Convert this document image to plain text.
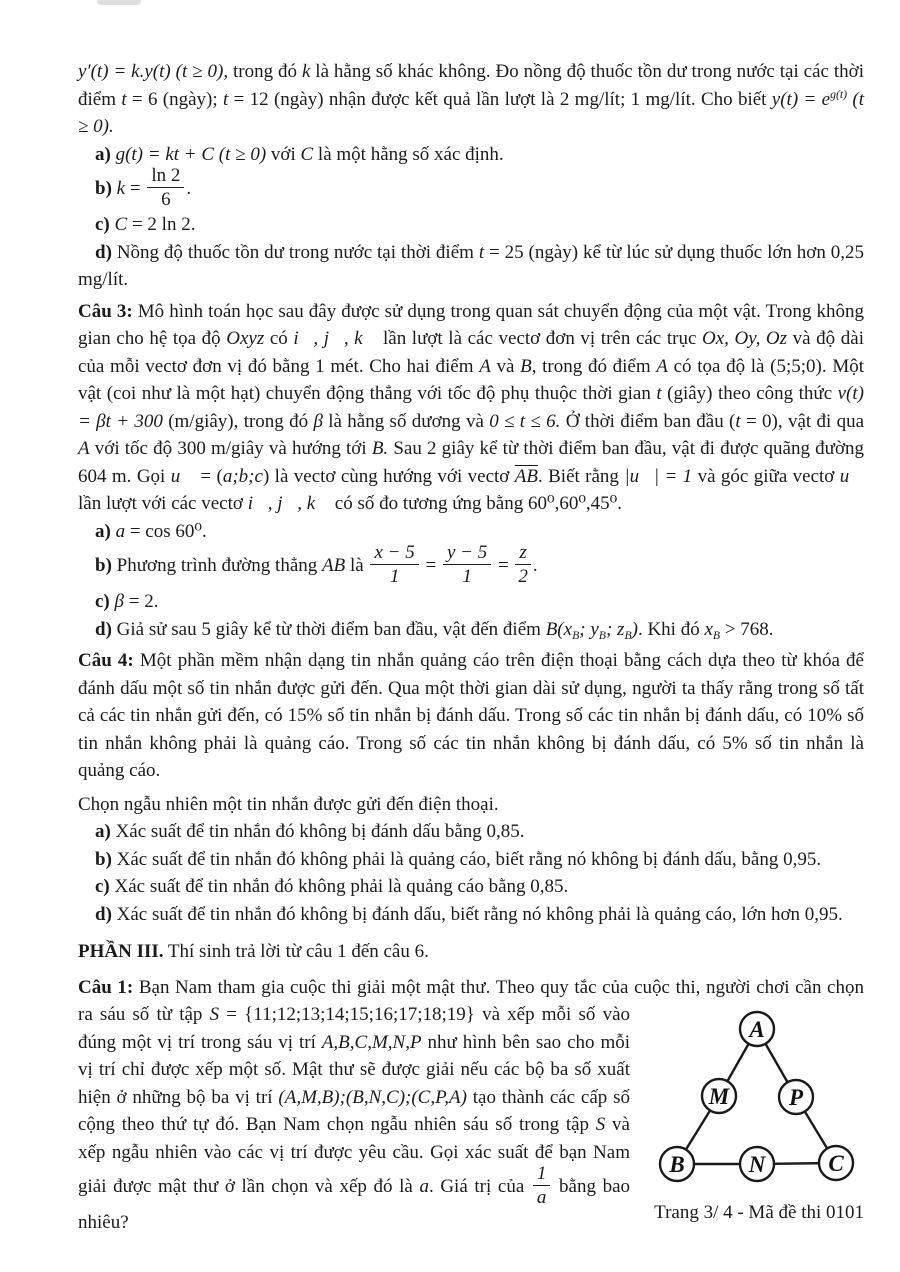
y′(t) = k.y(t) (t ≥ 0), trong đó k là hằng số khác không. Đo nồng độ thuốc tồn dư trong nước tại các thời điểm t = 6 (ngày); t = 12 (ngày) nhận được kết quả lần lượt là 2 mg/lít; 1 mg/lít. Cho biết $y(t) = e^{g(t)}$ (t ≥ 0).

a) g(t) = kt + C (t ≥ 0) với C là một hằng số xác định.

b) $k = \frac{\ln 2}{6}$ .

c) C = 2 ln 2.

d) Nồng độ thuốc tồn dư trong nước tại thời điểm t = 25 (ngày) kể từ lúc sử dụng thuốc lớn hơn 0,25 mg/lít.

Câu 3: Mô hình toán học sau đây được sử dụng trong quan sát chuyển động của một vật. Trong không gian cho hệ tọa độ Oxyz có i⃗, j⃗, k⃗ lần lượt là các vectơ đơn vị trên các trục Ox, Oy, Oz và độ dài của mỗi vectơ đơn vị đó bằng 1 mét. Cho hai điểm A và B, trong đó điểm A có tọa độ là (5;5;0). Một vật (coi như là một hạt) chuyển động thẳng với tốc độ phụ thuộc thời gian t (giây) theo công thức v(t) = βt + 300 (m/giây), trong đó β là hằng số dương và 0 ≤ t ≤ 6. Ở thời điểm ban đầu (t = 0), vật đi qua A với tốc độ 300 m/giây và hướng tới B. Sau 2 giây kể từ thời điểm ban đầu, vật đi được quãng đường 604 m. Gọi u⃗ = (a;b;c) là vectơ cùng hướng với vectơ $\overline{AB}$. Biết rằng |u⃗| = 1 và góc giữa vectơ u⃗ lần lượt với các vectơ i⃗, j⃗, k⃗ có số đo tương ứng bằng 60⁰,60⁰,45⁰.

a) a = cos 60⁰.

b) Phương trình đường thẳng AB là $\frac{x - 5}{1} = \frac{y - 5}{1} = \frac{z}{2}$ .

c) β = 2.

d) Giả sử sau 5 giây kể từ thời điểm ban đầu, vật đến điểm $B(x_B$; $y_B$; $z_B$). Khi đó $x_B > 768$.

Câu 4: Một phần mềm nhận dạng tin nhắn quảng cáo trên điện thoại bằng cách dựa theo từ khóa để đánh dấu một số tin nhắn được gửi đến. Qua một thời gian dài sử dụng, người ta thấy rằng trong số tất cả các tin nhắn gửi đến, có 15% số tin nhắn bị đánh dấu. Trong số các tin nhắn bị đánh dấu, có 10% số tin nhắn không phải là quảng cáo. Trong số các tin nhắn không bị đánh dấu, có 5% số tin nhắn là quảng cáo.

Chọn ngẫu nhiên một tin nhắn được gửi đến điện thoại.

a) Xác suất để tin nhắn đó không bị đánh dấu bằng 0,85.

b) Xác suất để tin nhắn đó không phải là quảng cáo, biết rằng nó không bị đánh dấu, bằng 0,95.

c) Xác suất để tin nhắn đó không phải là quảng cáo bằng 0,85.

d) Xác suất để tin nhắn đó không bị đánh dấu, biết rằng nó không phải là quảng cáo, lớn hơn 0,95.

PHẦN III. Thí sinh trả lời từ câu 1 đến câu 6.

Câu 1: Bạn Nam tham gia cuộc thi giải một mật thư. Theo quy tắc của cuộc thi, người chơi cần chọn

A
M	P
B	N	C

ra sáu số từ tập S = {11;12;13;14;15;16;17;18;19} và xếp mỗi số vào đúng một vị trí trong sáu vị trí A,B,C,M,N,P như hình bên sao cho mỗi vị trí chỉ được xếp một số. Mật thư sẽ được giải nếu các bộ ba số xuất hiện ở những bộ ba vị trí (A,M,B);(B,N,C);(C,P,A) tạo thành các cấp số cộng theo thứ tự đó. Bạn Nam chọn ngẫu nhiên sáu số trong tập S và xếp ngẫu nhiên vào các vị trí được yêu cầu. Gọi xác suất để bạn Nam giải được mật thư ở lần chọn và xếp đó là a. Giá trị của $\frac{1}{a}$ bằng bao nhiêu?	Trang 3/ 4 - Mã đề thi 0101
